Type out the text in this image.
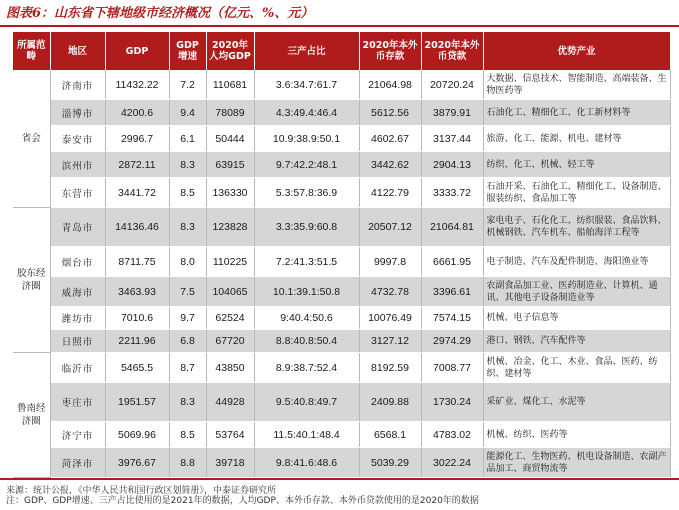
图表6：山东省下辖地级市经济概况（亿元、%、元）
所属范畴	地区	GDP	GDP增速	2020年人均GDP	三产占比	2020年本外币存款	2020年本外币贷款	优势产业
省会	济南市	11432.22	7.2	110681	3.6:34.7:61.7	21064.98	20720.24	大数据、信息技术、智能制造、高端装备、生物医药等
	淄博市	4200.6	9.4	78089	4.3:49.4:46.4	5612.56	3879.91	石油化工、精细化工、化工新材料等
	泰安市	2996.7	6.1	50444	10.9:38.9:50.1	4602.67	3137.44	旅游、化工、能源、机电、建材等
	滨州市	2872.11	8.3	63915	9.7:42.2:48.1	3442.62	2904.13	纺织、化工、机械、轻工等
	东营市	3441.72	8.5	136330	5.3:57.8:36.9	4122.79	3333.72	石油开采、石油化工、精细化工、设备制造、服装纺织、食品加工等
胶东经济圈	青岛市	14136.46	8.3	123828	3.3:35.9:60.8	20507.12	21064.81	家电电子、石化化工、纺织服装、食品饮料、机械钢铁、汽车机车、船舶海洋工程等
	烟台市	8711.75	8.0	110225	7.2:41.3:51.5	9997.8	6661.95	电子制造、汽车及配件制造、海阳渔业等
	威海市	3463.93	7.5	104065	10.1:39.1:50.8	4732.78	3396.61	农副食品加工业、医药制造业、计算机、通讯、其他电子设备制造业等
	潍坊市	7010.6	9.7	62524	9:40.4:50.6	10076.49	7574.15	机械、电子信息等
	日照市	2211.96	6.8	67720	8.8:40.8:50.4	3127.12	2974.29	港口、钢铁、汽车配件等
鲁南经济圈	临沂市	5465.5	8.7	43850	8.9:38.7:52.4	8192.59	7008.77	机械、冶金、化工、木业、食品、医药、纺织、建材等
	枣庄市	1951.57	8.3	44928	9.5:40.8:49.7	2409.88	1730.24	采矿业、煤化工、水泥等
	济宁市	5069.96	8.5	53764	11.5:40.1:48.4	6568.1	4783.02	机械、纺织、医药等
	菏泽市	3976.67	8.8	39718	9.8:41.6:48.6	5039.29	3022.24	能源化工、生物医药、机电设备制造、农副产品加工、商贸物流等
来源：统计公报，《中华人民共和国行政区划简册》，中泰证券研究所
注：GDP、GDP增速、三产占比使用的是2021年的数据，人均GDP、本外币存款、本外币贷款使用的是2020年的数据
